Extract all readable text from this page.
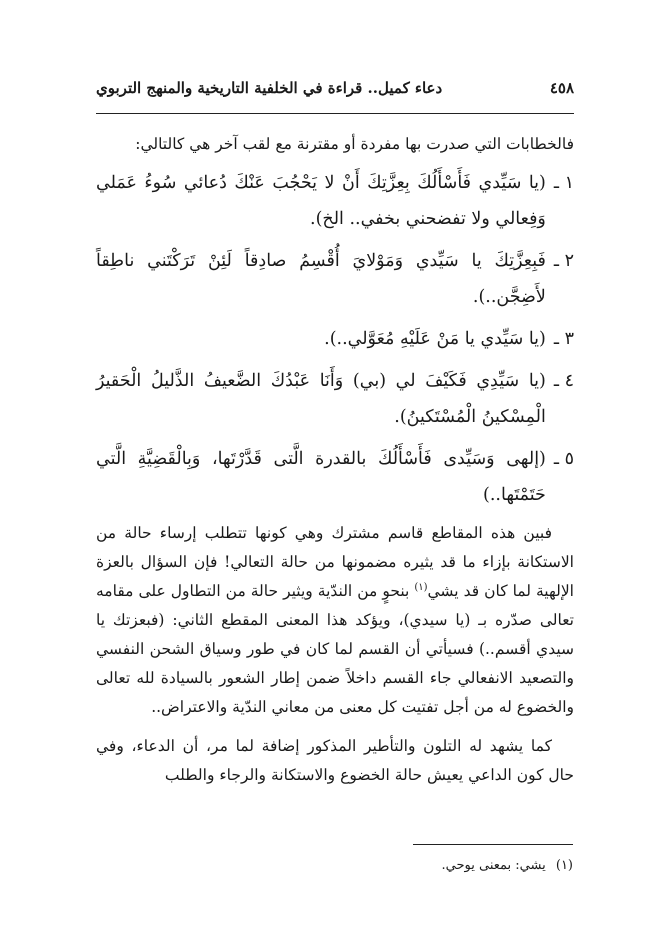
٤٥٨
دعاء كميل.. قراءة في الخلفية التاريخية والمنهج التربوي

فالخطابات التي صدرت بها مفردة أو مقترنة مع لقب آخر هي كالتالي:

١ ـ
(يا سَيِّدي فَأَسْأَلُكَ بِعِزَّتِكَ أَنْ لا يَحْجُبَ عَنْكَ دُعائي سُوءُ عَمَلي وَفِعالي ولا تفضحني بخفي.. الخ).

٢ ـ
فَبِعِزَّتِكَ يا سَيِّدي وَمَوْلايَ أُقْسِمُ صادِقاً لَئِنْ تَرَكْتَني ناطِقاً لأَضِجَّن..).

٣ ـ
(يا سَيِّدي يا مَنْ عَلَيْهِ مُعَوَّلي..).

٤ ـ
(يا سَيِّدِي فَكَيْفَ لي (بي) وَأَنَا عَبْدُكَ الضَّعيفُ الذَّليلُ الْحَقيرُ الْمِسْكينُ الْمُسْتَكينُ).

٥ ـ
(إلهى وَسَيِّدى فَأَسْأَلُكَ بالقدرة الَّتى قَدَّرْتَها، وَبِالْقَضِيَّةِ الَّتي حَتَمْتَها..)

فبين هذه المقاطع قاسم مشترك وهي كونها تتطلب إرساء حالة من الاستكانة بإزاء ما قد يثيره مضمونها من حالة التعالي! فإن السؤال بالعزة الإلهية لما كان قد يشي$^{(١)}$ بنحوٍ من الندّية ويثير حالة من التطاول على مقامه تعالى صدّره بـ (يا سيدي)، ويؤكد هذا المعنى المقطع الثاني: (فبعزتك يا سيدي أقسم..) فسيأتي أن القسم لما كان في طور وسياق الشحن النفسي والتصعيد الانفعالي جاء القسم داخلاً ضمن إطار الشعور بالسيادة لله تعالى والخضوع له من أجل تفتيت كل معنى من معاني الندّية والاعتراض..

كما يشهد له التلون والتأطير المذكور إضافة لما مر، أن الدعاء، وفي حال كون الداعي يعيش حالة الخضوع والاستكانة والرجاء والطلب

(١) يشي: بمعنى يوحي.
